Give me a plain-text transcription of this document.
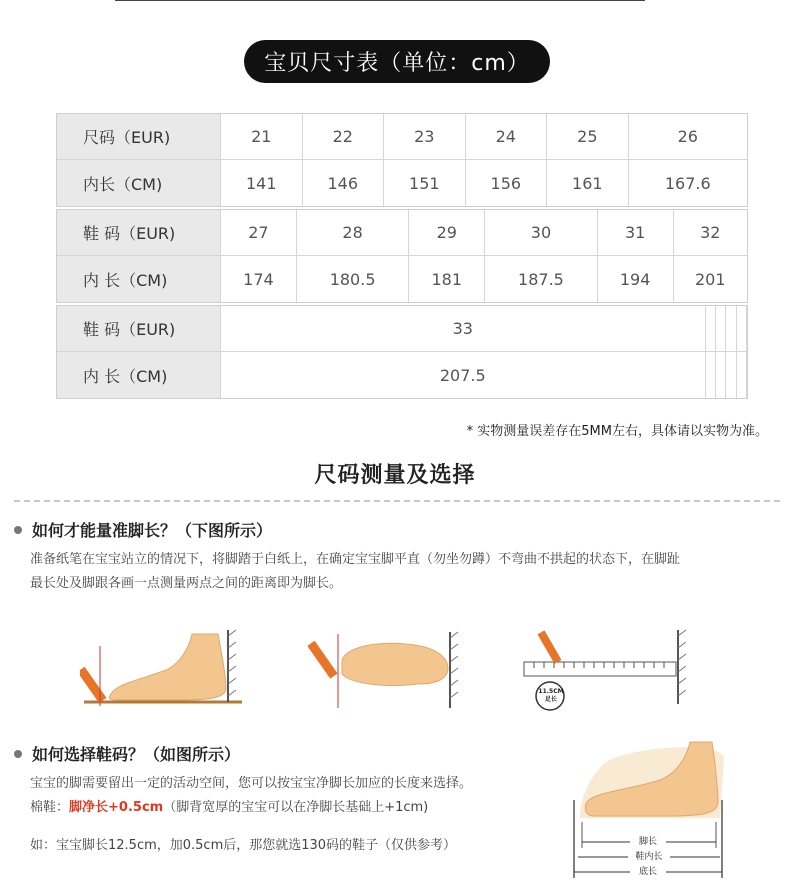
宝贝尺寸表（单位：cm）
尺码（EUR)	21	22	23	24	25	26
内长（CM)	141	146	151	156	161	167.6
鞋 码（EUR)	27	28	29	30	31	32
内 长（CM)	174	180.5	181	187.5	194	201
鞋 码（EUR)	33					
内 长（CM)	207.5					
* 实物测量误差存在5MM左右，具体请以实物为准。
尺码测量及选择
如何才能量准脚长？（下图所示）
准备纸笔在宝宝站立的情况下，将脚踏于白纸上，在确定宝宝脚平直（勿坐勿蹲）不弯曲不拱起的状态下，在脚趾
最长处及脚跟各画一点测量两点之间的距离即为脚长。
11.5CM 足长
如何选择鞋码？（如图所示）
宝宝的脚需要留出一定的活动空间，您可以按宝宝净脚长加应的长度来选择。
棉鞋：脚净长+0.5cm（脚背宽厚的宝宝可以在净脚长基础上+1cm)
如：宝宝脚长12.5cm，加0.5cm后，那您就选130码的鞋子（仅供参考）	脚长
鞋内长
底长
